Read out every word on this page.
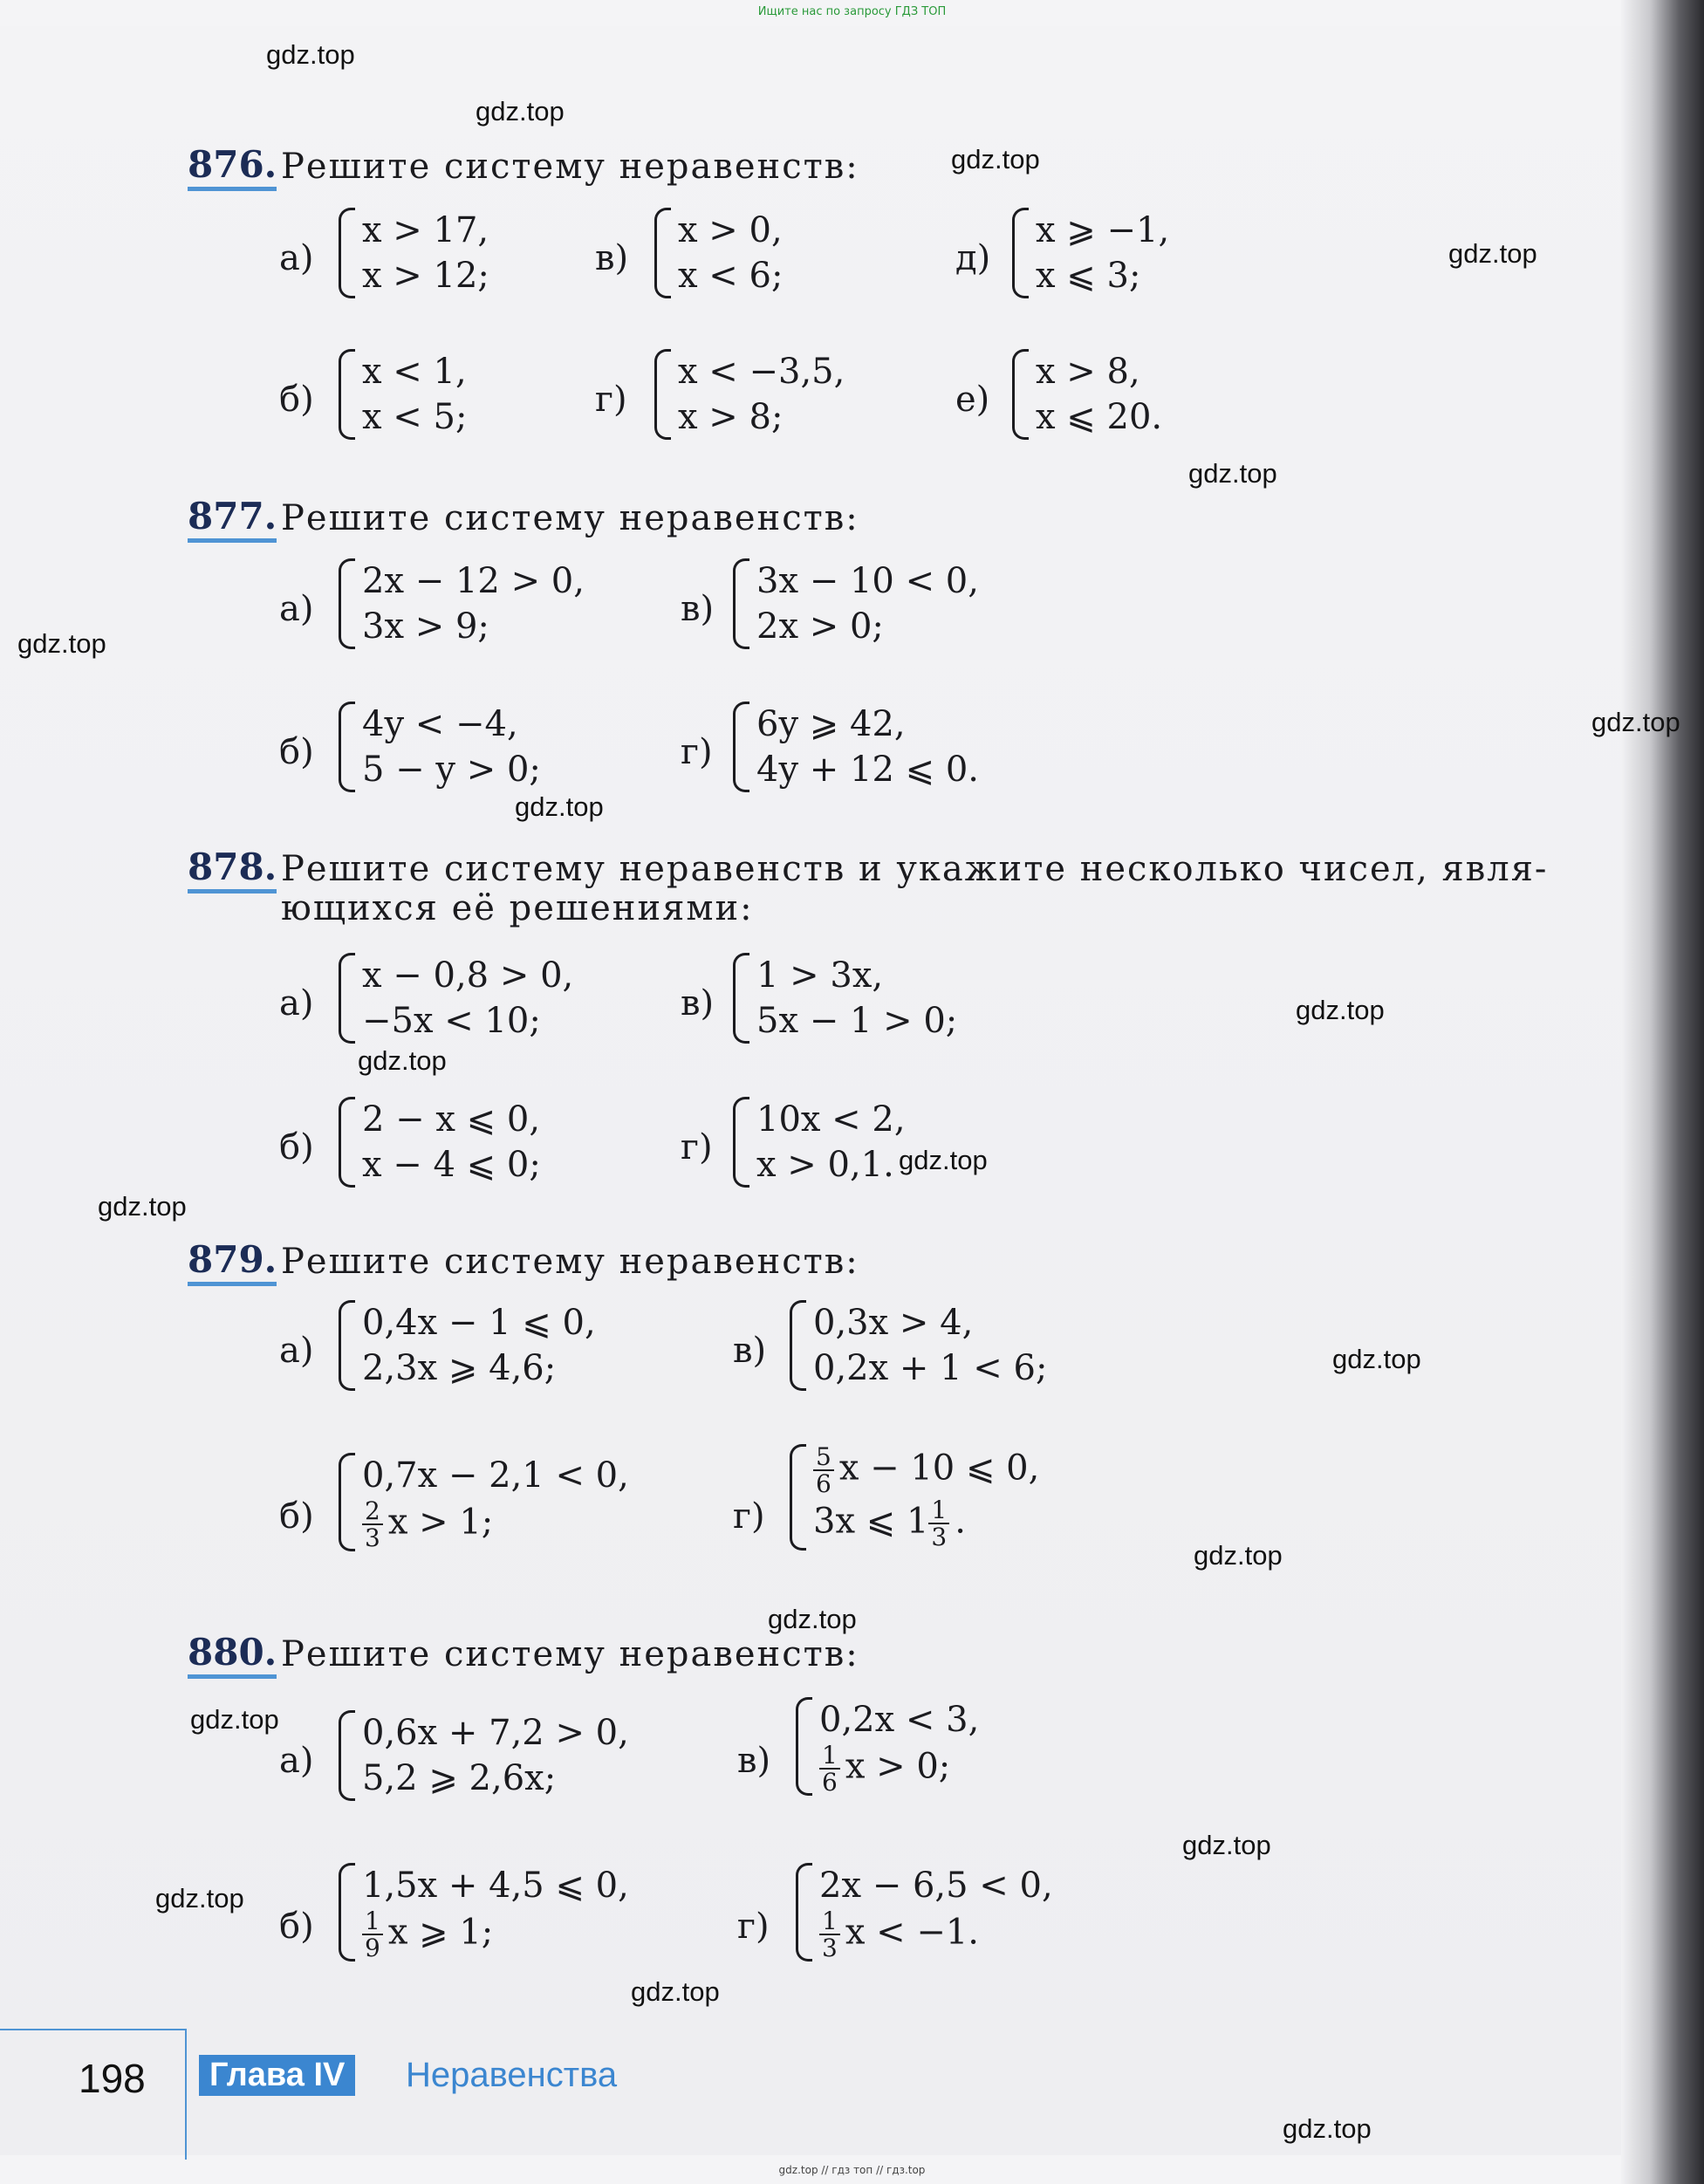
Ищите нас по запросу ГДЗ ТОП
gdz.top
gdz.top
gdz.top
gdz.top
gdz.top
gdz.top
gdz.top
gdz.top
gdz.top
gdz.top
gdz.top
gdz.top
gdz.top
gdz.top
gdz.top
gdz.top
gdz.top
gdz.top
gdz.top
gdz.top
876. Решите систему неравенств:
а)
x > 17,
x > 12;	в)
x > 0,
x < 6;	д)
x ⩾ −1,
x ⩽ 3;
б)
x < 1,
x < 5;	г)
x < −3,5,
x > 8;	е)
x > 8,
x ⩽ 20.
877. Решите систему неравенств:
а)
2x − 12 > 0,
3x > 9;	в)
3x − 10 < 0,
2x > 0;
б)
4y < −4,
5 − y > 0;	г)
6y ⩾ 42,
4y + 12 ⩽ 0.
878. Решите систему неравенств и укажите несколько чисел, явля-
ющихся её решениями:
а)
x − 0,8 > 0,
−5x < 10;	в)
1 > 3x,
5x − 1 > 0;
б)
2 − x ⩽ 0,
x − 4 ⩽ 0;	г)
10x < 2,
x > 0,1.
879. Решите систему неравенств:
а)
0,4x − 1 ⩽ 0,
2,3x ⩾ 4,6;	в)
0,3x > 4,
0,2x + 1 < 6;
б)
0,7x − 2,1 < 0,
$\frac{2}{3}$ x > 1;	г)
$\frac{5}{6}$ x − 10 ⩽ 0,
3x ⩽ $1 \frac{1}{3}$ .
880. Решите систему неравенств:
а)
0,6x + 7,2 > 0,
5,2 ⩾ 2,6x;	в)
0,2x < 3,
$\frac{1}{6}$ x > 0;
б)
1,5x + 4,5 ⩽ 0,
$\frac{1}{9}$ x ⩾ 1;	г)
2x − 6,5 < 0,
$\frac{1}{3}$ x < −1.
198	Глава IV	Неравенства
gdz.top // гдз топ // гдз.top
